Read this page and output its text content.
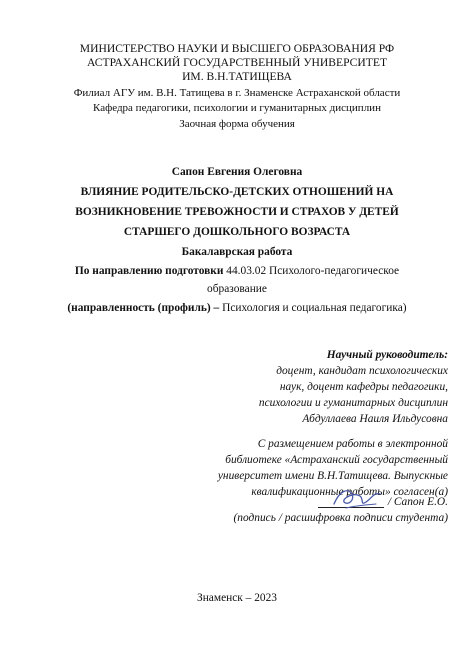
МИНИСТЕРСТВО НАУКИ И ВЫСШЕГО ОБРАЗОВАНИЯ РФ
АСТРАХАНСКИЙ ГОСУДАРСТВЕННЫЙ УНИВЕРСИТЕТ
ИМ. В.Н.ТАТИЩЕВА
Филиал АГУ им. В.Н. Татищева в г. Знаменске Астраханской области
Кафедра педагогики, психологии и гуманитарных дисциплин
Заочная форма обучения
Сапон Евгения Олеговна
ВЛИЯНИЕ РОДИТЕЛЬСКО-ДЕТСКИХ ОТНОШЕНИЙ НА
ВОЗНИКНОВЕНИЕ ТРЕВОЖНОСТИ И СТРАХОВ У ДЕТЕЙ
СТАРШЕГО ДОШКОЛЬНОГО ВОЗРАСТА
Бакалаврская работа
По направлению подготовки 44.03.02 Психолого-педагогическое
образование
(направленность (профиль) – Психология и социальная педагогика)
Научный руководитель:
доцент, кандидат психологических
наук, доцент кафедры педагогики,
психологии и гуманитарных дисциплин
Абдуллаева Наиля Ильдусовна
С размещением работы в электронной
библиотеке «Астраханский государственный
университет имени В.Н.Татищева. Выпускные
квалификационные работы» согласен(а)
/ Сапон Е.О.
(подпись / расшифровка подписи студента)
Знаменск – 2023
